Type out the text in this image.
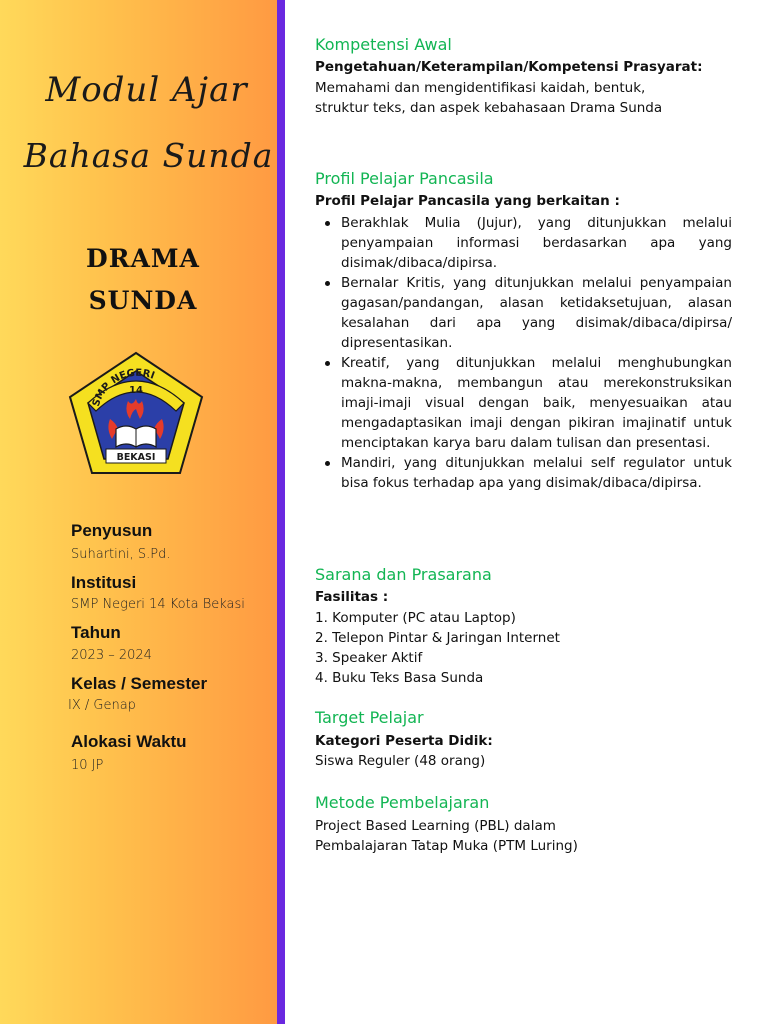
Modul Ajar
Bahasa Sunda
DRAMA
SUNDA
SMP NEGERI
14
BEKASI
Penyusun
Suhartini, S.Pd.
Institusi
SMP Negeri 14 Kota Bekasi
Tahun
2023 – 2024
Kelas / Semester
IX / Genap
Alokasi Waktu
10 JP
Kompetensi Awal
Pengetahuan/Keterampilan/Kompetensi Prasyarat:
Memahami dan mengidentifikasi kaidah, bentuk,
struktur teks, dan aspek kebahasaan Drama Sunda
Profil Pelajar Pancasila
Profil Pelajar Pancasila yang berkaitan :
Berakhlak Mulia (Jujur), yang ditunjukkan melalui penyampaian informasi berdasarkan apa yang disimak/dibaca/dipirsa.
Bernalar Kritis, yang ditunjukkan melalui penyampaian gagasan/pandangan, alasan ketidaksetujuan, alasan kesalahan dari apa yang disimak/dibaca/dipirsa/ dipresentasikan.
Kreatif, yang ditunjukkan melalui menghubungkan makna-makna, membangun atau merekonstruksikan imaji-imaji visual dengan baik, menyesuaikan atau mengadaptasikan imaji dengan pikiran imajinatif untuk menciptakan karya baru dalam tulisan dan presentasi.
Mandiri, yang ditunjukkan melalui self regulator untuk bisa fokus terhadap apa yang disimak/dibaca/dipirsa.
Sarana dan Prasarana
Fasilitas :
1. Komputer (PC atau Laptop)
2. Telepon Pintar & Jaringan Internet
3. Speaker Aktif
4. Buku Teks Basa Sunda
Target Pelajar
Kategori Peserta Didik:
Siswa Reguler (48 orang)
Metode Pembelajaran
Project Based Learning (PBL) dalam
Pembalajaran Tatap Muka (PTM Luring)
